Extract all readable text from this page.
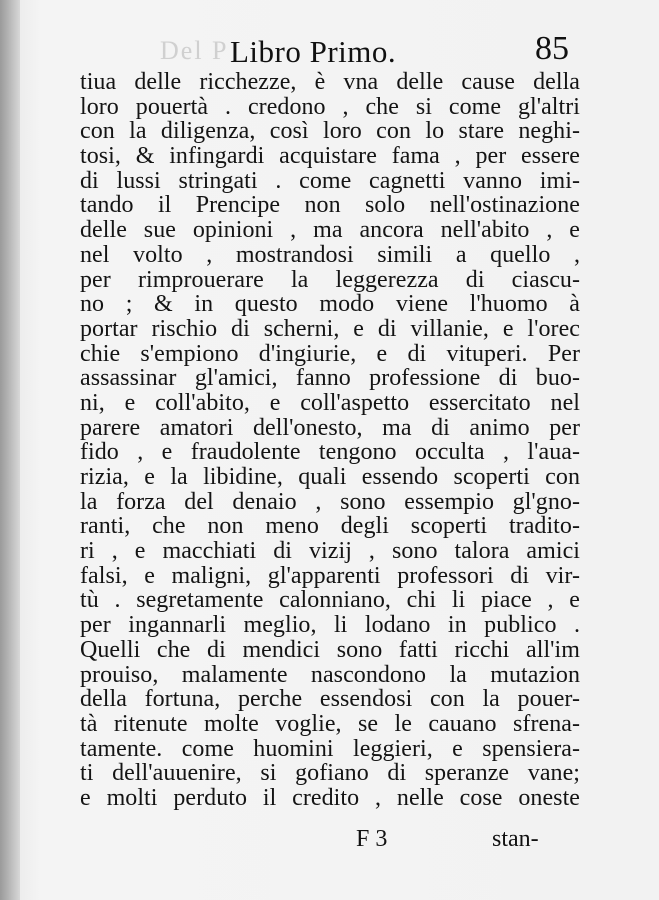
Del P Libro Primo.	85
tiua delle ricchezze, è vna delle cause della
loro pouertà . credono , che si come gl'altri
con la diligenza, così loro con lo stare neghi-
tosi, & infingardi acquistare fama , per essere
di lussi stringati . come cagnetti vanno imi-
tando il Prencipe non solo nell'ostinazione
delle sue opinioni , ma ancora nell'abito , e
nel volto , mostrandosi simili a quello ,
per rimprouerare la leggerezza di ciascu-
no ; & in questo modo viene l'huomo à
portar rischio di scherni, e di villanie, e l'orec
chie s'empiono d'ingiurie, e di vituperi. Per
assassinar gl'amici, fanno professione di buo-
ni, e coll'abito, e coll'aspetto essercitato nel
parere amatori dell'onesto, ma di animo per
fido , e fraudolente tengono occulta , l'aua-
rizia, e la libidine, quali essendo scoperti con
la forza del denaio , sono essempio gl'gno-
ranti, che non meno degli scoperti tradito-
ri , e macchiati di vizij , sono talora amici
falsi, e maligni, gl'apparenti professori di vir-
tù . segretamente calonniano, chi li piace , e
per ingannarli meglio, li lodano in publico .
Quelli che di mendici sono fatti ricchi all'im
prouiso, malamente nascondono la mutazion
della fortuna, perche essendosi con la pouer-
tà ritenute molte voglie, se le cauano sfrena-
tamente. come huomini leggieri, e spensiera-
ti dell'auuenire, si gofiano di speranze vane;
e molti perduto il credito , nelle cose oneste
F 3	stan-
